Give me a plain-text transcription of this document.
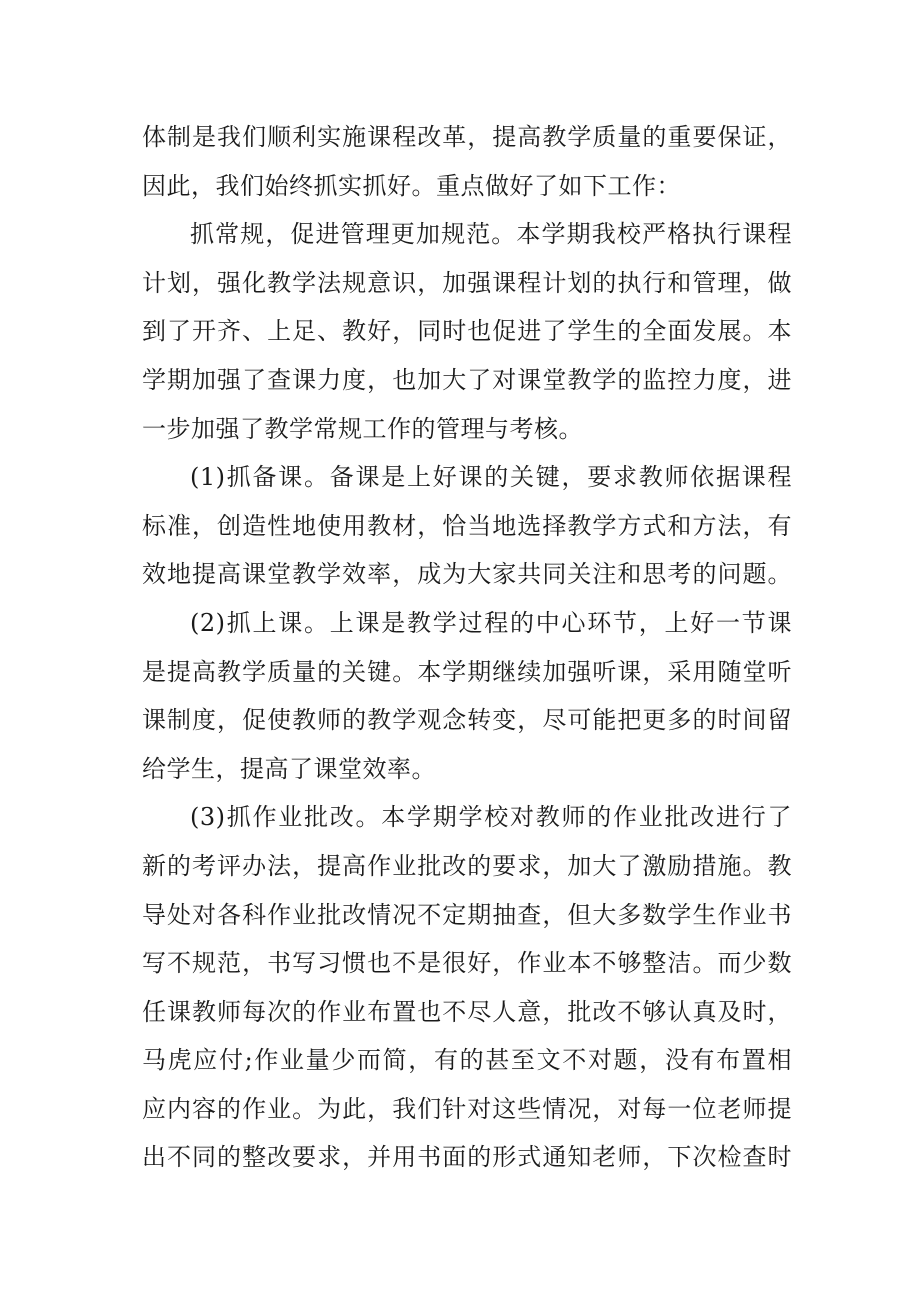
体制是我们顺利实施课程改革，提高教学质量的重要保证，
因此，我们始终抓实抓好。重点做好了如下工作：
抓常规，促进管理更加规范。本学期我校严格执行课程
计划，强化教学法规意识，加强课程计划的执行和管理，做
到了开齐、上足、教好，同时也促进了学生的全面发展。本
学期加强了查课力度，也加大了对课堂教学的监控力度，进
一步加强了教学常规工作的管理与考核。
(1)抓备课。备课是上好课的关键，要求教师依据课程
标准，创造性地使用教材，恰当地选择教学方式和方法，有
效地提高课堂教学效率，成为大家共同关注和思考的问题。
(2)抓上课。上课是教学过程的中心环节，上好一节课
是提高教学质量的关键。本学期继续加强听课，采用随堂听
课制度，促使教师的教学观念转变，尽可能把更多的时间留
给学生，提高了课堂效率。
(3)抓作业批改。本学期学校对教师的作业批改进行了
新的考评办法，提高作业批改的要求，加大了激励措施。教
导处对各科作业批改情况不定期抽查，但大多数学生作业书
写不规范，书写习惯也不是很好，作业本不够整洁。而少数
任课教师每次的作业布置也不尽人意，批改不够认真及时，
马虎应付;作业量少而简，有的甚至文不对题，没有布置相
应内容的作业。为此，我们针对这些情况，对每一位老师提
出不同的整改要求，并用书面的形式通知老师，下次检查时
